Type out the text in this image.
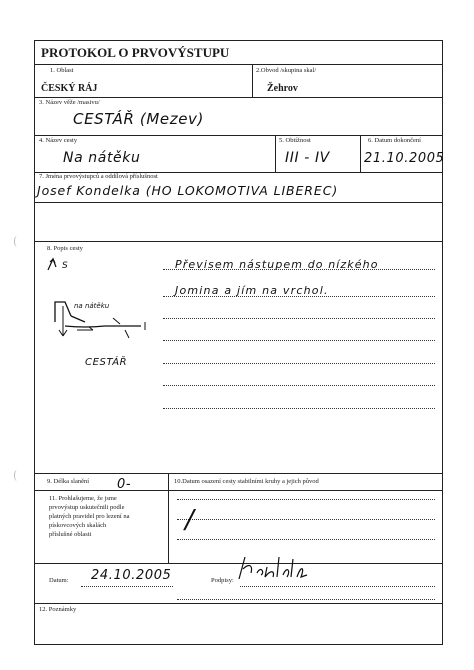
PROTOKOL O PRVOVÝSTUPU
1. Oblast
ČESKÝ RÁJ
2.Obvod /skupina skal/
Žehrov
3. Název věže /masivu/
CESTÁŘ (Mezev)
4. Název cesty
Na nátěku
5. Obtížnost
III - IV
6. Datum dokončení
21.10.2005
7. Jména prvovýstupců a oddílová příslušnost
Josef Kondelka (HO LOKOMOTIVA LIBEREC)
8. Popis cesty
S	Převisem nástupem do nízkého
Jomina a jím na vrchol.
na nátěku
CESTÁŘ
9. Délka slanění 0-	10.Datum osazení cesty stabilními kruhy a jejich původ
/
11. Prohlašujeme, že jsme
prvovýstup uskutečnili podle
platných pravidel pro lezení na
pískovcových skalách
příslušné oblasti
Datum: 24.10.2005	Podpisy:
12. Poznámky
